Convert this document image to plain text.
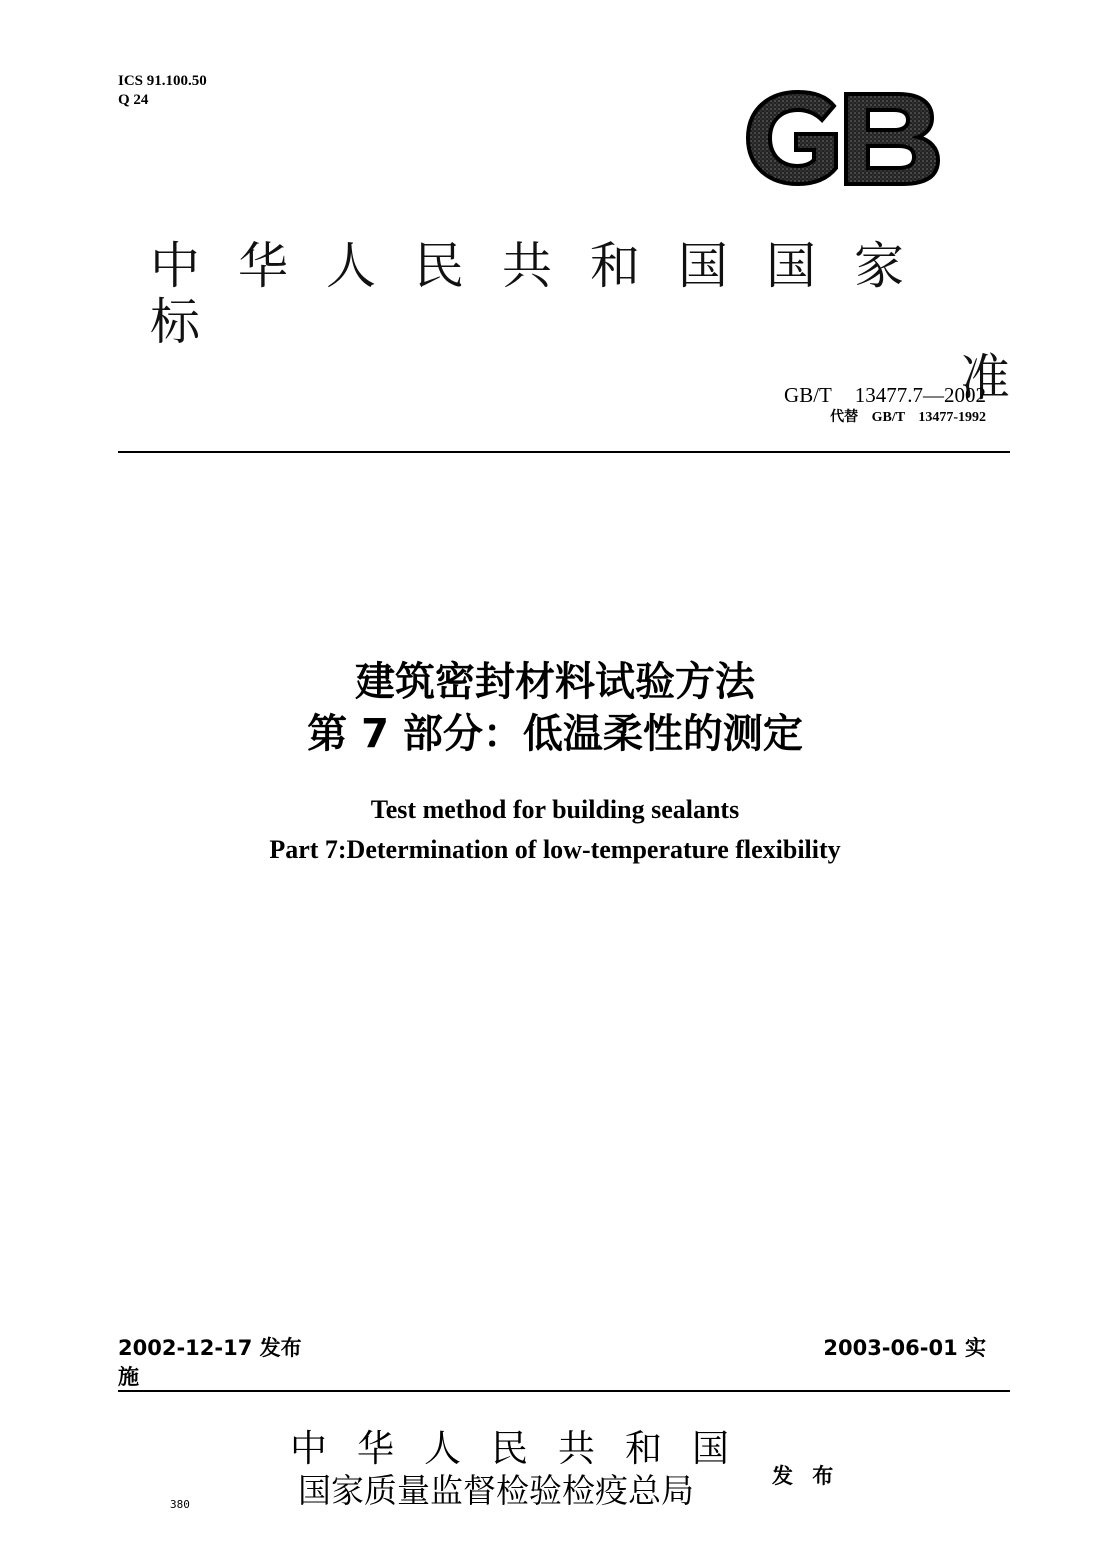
ICS 91.100.50
Q 24
中华人民共和国国家标
准
GB/T 13477.7—2002
代替 GB/T 13477-1992
建筑密封材料试验方法
第 7 部分：低温柔性的测定
Test method for building sealants
Part 7:Determination of low-temperature flexibility
2002-12-17 发布
施
2003-06-01 实
中华人民共和国
国家质量监督检验检疫总局	发 布
380
